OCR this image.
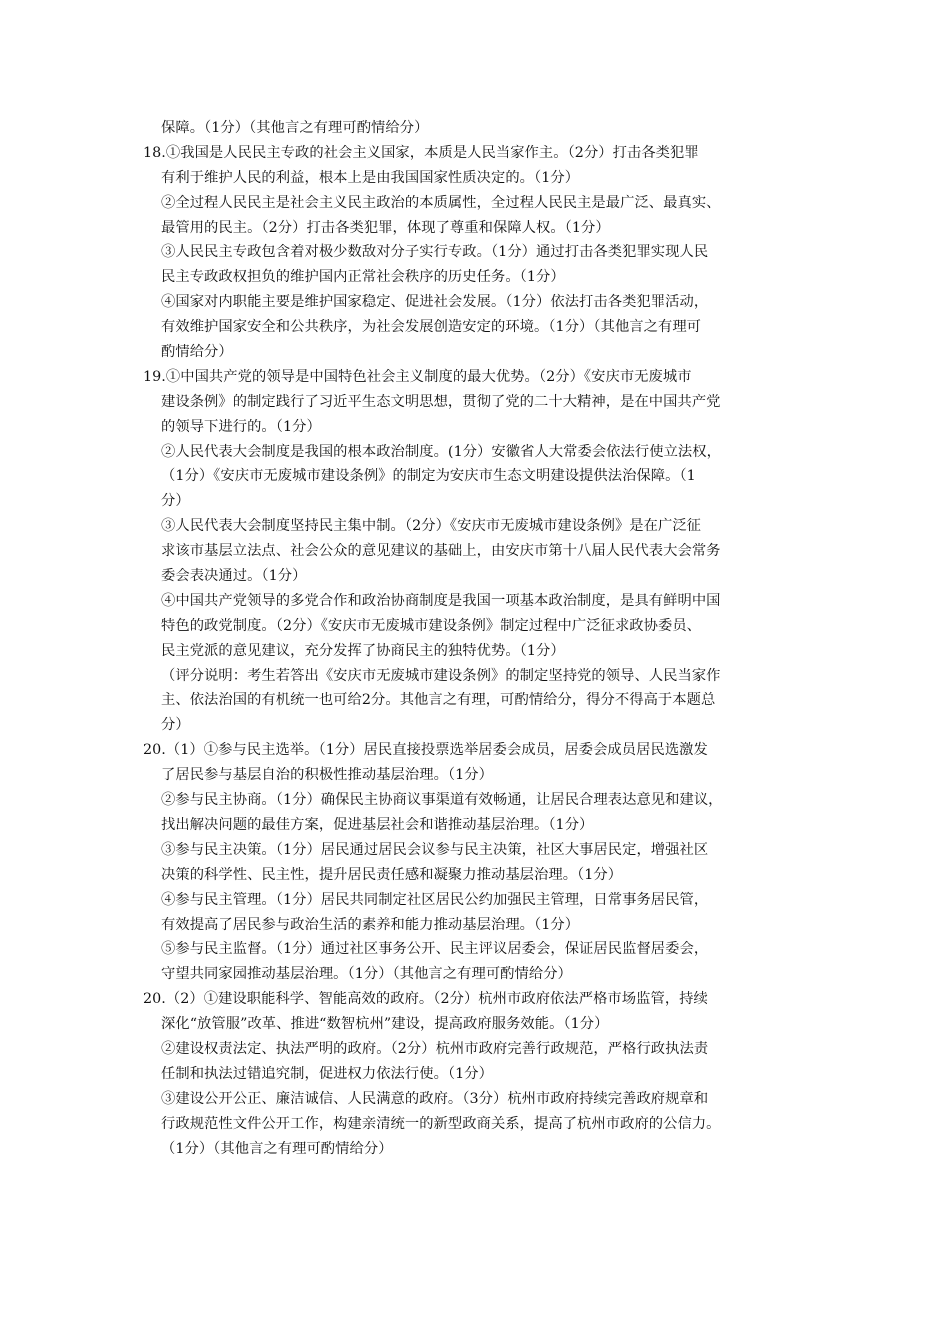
保障。（1分）（其他言之有理可酌情给分）
18.①我国是人民民主专政的社会主义国家，本质是人民当家作主。（2分）打击各类犯罪
有利于维护人民的利益，根本上是由我国国家性质决定的。（1分）
②全过程人民民主是社会主义民主政治的本质属性，全过程人民民主是最广泛、最真实、
最管用的民主。（2分）打击各类犯罪，体现了尊重和保障人权。（1分）
③人民民主专政包含着对极少数敌对分子实行专政。（1分）通过打击各类犯罪实现人民
民主专政政权担负的维护国内正常社会秩序的历史任务。（1分）
④国家对内职能主要是维护国家稳定、促进社会发展。（1分）依法打击各类犯罪活动，
有效维护国家安全和公共秩序，为社会发展创造安定的环境。（1分）（其他言之有理可
酌情给分）
19.①中国共产党的领导是中国特色社会主义制度的最大优势。（2分）《安庆市无废城市
建设条例》的制定践行了习近平生态文明思想，贯彻了党的二十大精神，是在中国共产党
的领导下进行的。（1分）
②人民代表大会制度是我国的根本政治制度。(1分）安徽省人大常委会依法行使立法权，
（1分）《安庆市无废城市建设条例》的制定为安庆市生态文明建设提供法治保障。（1
分）
③人民代表大会制度坚持民主集中制。（2分）《安庆市无废城市建设条例》是在广泛征
求该市基层立法点、社会公众的意见建议的基础上，由安庆市第十八届人民代表大会常务
委会表决通过。（1分）
④中国共产党领导的多党合作和政治协商制度是我国一项基本政治制度，是具有鲜明中国
特色的政党制度。（2分）《安庆市无废城市建设条例》制定过程中广泛征求政协委员、
民主党派的意见建议，充分发挥了协商民主的独特优势。（1分）
（评分说明：考生若答出《安庆市无废城市建设条例》的制定坚持党的领导、人民当家作
主、依法治国的有机统一也可给2分。其他言之有理，可酌情给分，得分不得高于本题总
分）
20.（1）①参与民主选举。（1分）居民直接投票选举居委会成员，居委会成员居民选激发
了居民参与基层自治的积极性推动基层治理。（1分）
②参与民主协商。（1分）确保民主协商议事渠道有效畅通，让居民合理表达意见和建议，
找出解决问题的最佳方案，促进基层社会和谐推动基层治理。（1分）
③参与民主决策。（1分）居民通过居民会议参与民主决策，社区大事居民定，增强社区
决策的科学性、民主性，提升居民责任感和凝聚力推动基层治理。（1分）
④参与民主管理。（1分）居民共同制定社区居民公约加强民主管理，日常事务居民管，
有效提高了居民参与政治生活的素养和能力推动基层治理。（1分）
⑤参与民主监督。（1分）通过社区事务公开、民主评议居委会，保证居民监督居委会，
守望共同家园推动基层治理。（1分）（其他言之有理可酌情给分）
20.（2）①建设职能科学、智能高效的政府。（2分）杭州市政府依法严格市场监管，持续
深化“放管服”改革、推进“数智杭州”建设，提高政府服务效能。（1分）
②建设权责法定、执法严明的政府。（2分）杭州市政府完善行政规范，严格行政执法责
任制和执法过错追究制，促进权力依法行使。（1分）
③建设公开公正、廉洁诚信、人民满意的政府。（3分）杭州市政府持续完善政府规章和
行政规范性文件公开工作，构建亲清统一的新型政商关系，提高了杭州市政府的公信力。
（1分）（其他言之有理可酌情给分）
